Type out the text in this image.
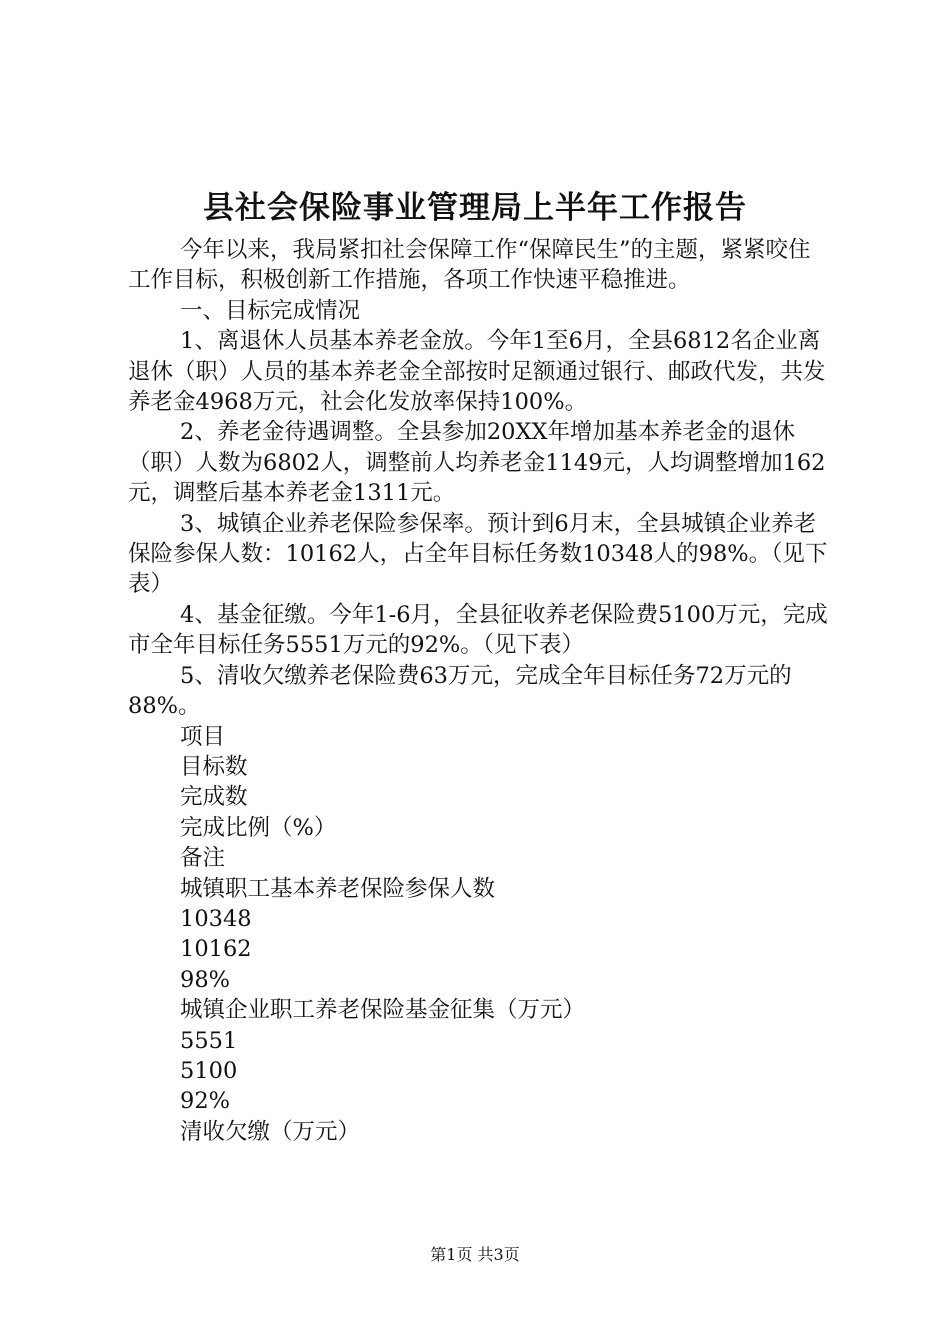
县社会保险事业管理局上半年工作报告

今年以来，我局紧扣社会保障工作“保障民生”的主题，紧紧咬住工作目标，积极创新工作措施，各项工作快速平稳推进。

一、目标完成情况

1、离退休人员基本养老金放。今年1至6月，全县6812名企业离退休（职）人员的基本养老金全部按时足额通过银行、邮政代发，共发养老金4968万元，社会化发放率保持100%。

2、养老金待遇调整。全县参加20XX年增加基本养老金的退休（职）人数为6802人，调整前人均养老金1149元，人均调整增加162元，调整后基本养老金1311元。

3、城镇企业养老保险参保率。预计到6月末，全县城镇企业养老保险参保人数：10162人，占全年目标任务数10348人的98%。（见下表）

4、基金征缴。今年1-6月，全县征收养老保险费5100万元，完成市全年目标任务5551万元的92%。（见下表）

5、清收欠缴养老保险费63万元，完成全年目标任务72万元的88%。

项目
目标数
完成数
完成比例（%）
备注
城镇职工基本养老保险参保人数
10348
10162
98%
城镇企业职工养老保险基金征集（万元）
5551
5100
92%
清收欠缴（万元）
第1页 共3页
